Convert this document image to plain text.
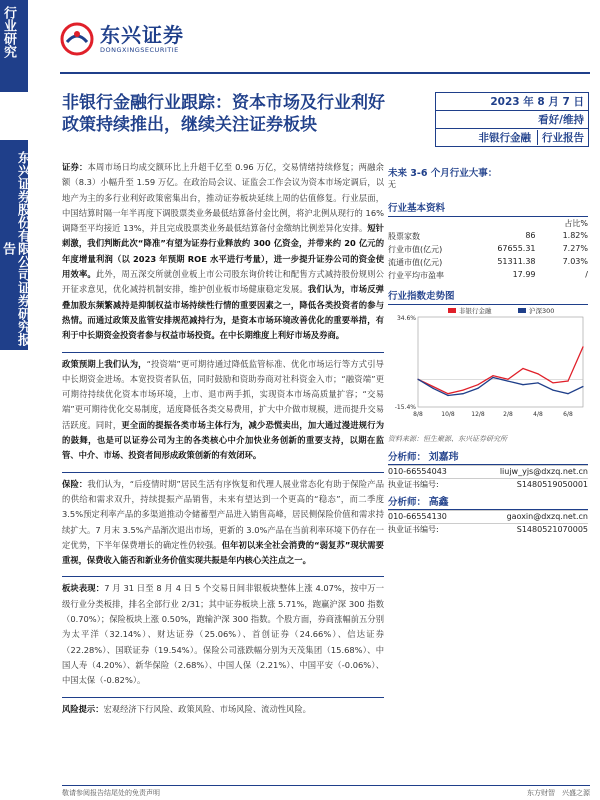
行业研究
东兴证券股份有限公司证券研究报告
东兴证券
DONGXINGSECURITIE
非银行金融行业跟踪：资本市场及行业利好政策持续推出，继续关注证券板块
2023 年 8 月 7 日
看好/维持
非银行金融	行业报告

证券：本周市场日均成交额环比上升超千亿至 0.96 万亿，交易情绪持续修复；两融余额（8.3）小幅升至 1.59 万亿。在政治局会议、证监会工作会议为资本市场定调后，以地产为主的多行业利好政策密集出台，推动证券板块延续上周的估值修复。行业层面，中国结算时隔一年半再度下调股票类业务最低结算备付金比例，将沪北例从现行的 16%调降至平均接近 13%，并且完成股票类业务最低结算备付金缴纳比例差异化安排。短针刺激，我们判断此次“降准”有望为证券行业释放约 300 亿资金，并带来约 20 亿元的年度增量利润（以 2023 年预期 ROE 水平进行考量），进一步提升证券公司的资金使用效率。此外，周五深交所就创业板上市公司股东询价转让和配售方式减持股份规则公开征求意见，优化减持机制安排，维护创业板市场健康稳定发展。我们认为，市场反弹叠加股东频繁减持是抑制权益市场持续性行情的重要因素之一，降低各类投资者的参与热情。而通过政策及监管安排规范减持行为，是资本市场环境改善优化的重要举措，有利于中长期资金投资者参与权益市场投资。在中长期维度上利好市场及券商。

政策预期上我们认为，“投资端”更可期待通过降低监管标准、优化市场运行等方式引导中长期资金进场。本宽投资者队伍，同时鼓励和资助券商对社科资金入市；“融资端”更可期待持续优化资本市场环境，上市、退市两手抓，实现资本市场高质量扩容；“交易端”更可期待优化交易制度，适度降低各类交易费用，扩大中介做市规模，进而提升交易活跃度。同时，更全面的提振各类市场主体行为，减少恐慌卖出，加大通过漫进规行为的鼓舞，也是可以证券公司为主的各类核心中介加快业务创新的重要支持，以期在监管、中介、市场、投资者间形成政策创新的有效闭环。

保险：我们认为，“后疫情时期”居民生活有序恢复和代理人展业常态化有助于保险产品的供给和需求双升，持续提振产品销售，未来有望达到一个更高的“稳态”，而二季度 3.5%预定利率产品的多渠道推动令储蓄型产品进入销售高峰，居民侧保险价值和需求持续扩大。7 月末 3.5%产品渐次退出市场，更新的 3.0%产品在当前利率环境下仍存在一定优势，下半年保费增长的确定性仍较强。但年初以来全社会消费的“弱复苏”现状需要重视，保费收入能否和新业务价值实现共振是年内核心关注点之一。

板块表现：7 月 31 日至 8 月 4 日 5 个交易日间非银板块整体上涨 4.07%，按中万一级行业分类板排，排名全部行业 2/31；其中证券板块上涨 5.71%，跑赢沪深 300 指数（0.70%）；保险板块上涨 0.50%，跑输沪深 300 指数。个股方面，券商涨幅前五分别为太平洋（32.14%）、财达证券（25.06%）、首创证券（24.66%）、信达证券（22.28%）、国联证券（19.54%）。保险公司涨跌幅分别为天茂集团（15.68%）、中国人寿（4.20%）、新华保险（2.68%）、中国人保（2.21%）、中国平安（-0.06%）、中国太保（-0.82%）。

风险提示：宏观经济下行风险、政策风险、市场风险、流动性风险。

未来 3-6 个月行业大事：
无
行业基本资料
占比%
股票家数	86	1.82%
行业市值(亿元)	67655.31	7.27%
流通市值(亿元)	51311.38	7.03%
行业平均市盈率	17.99	/
行业指数走势图
34.6%
-15.4%
8/8	10/8	12/8	2/8	4/8	6/8
非银行金融	沪深300
资料来源：恒生聚源、东兴证券研究所
分析师： 刘嘉玮
010-66554043	liujw_yjs@dxzq.net.cn
执业证书编号:	S1480519050001
分析师： 高鑫
010-66554130	gaoxin@dxzq.net.cn
执业证书编号:	S1480521070005
敬请参阅报告结尾处的免责声明	东方财智　兴盛之源
